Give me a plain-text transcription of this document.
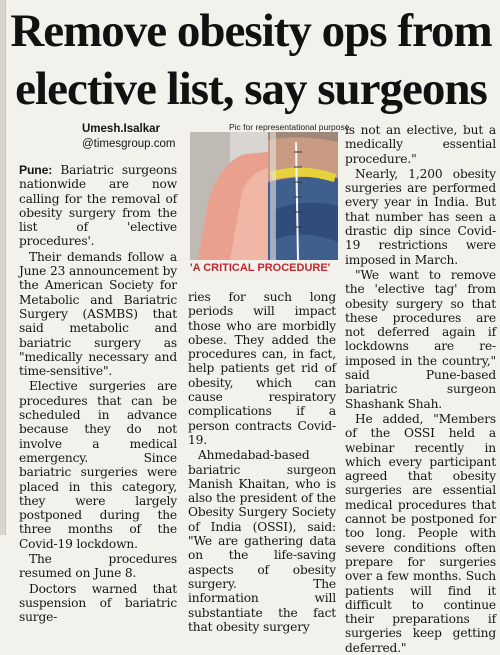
Remove obesity ops from
elective list, say surgeons
Umesh.Isalkar
@timesgroup.com

Pune: Bariatric surgeons nationwide are now calling for the removal of obesity surgery from the list of 'elective procedures'.

Their demands follow a June 23 announcement by the American Society for Metabolic and Bariatric Surgery (ASMBS) that said metabolic and bariatric surgery as "medically necessary and time-sensitive".

Elective surgeries are procedures that can be scheduled in advance because they do not involve a medical emergency. Since bariatric surgeries were placed in this category, they were largely postponed during the three months of the Covid-19 lockdown.

The procedures resumed on June 8.

Doctors warned that suspension of bariatric surge-

Pic for representational purpose
'A CRITICAL PROCEDURE'

ries for such long periods will impact those who are morbidly obese. They added the procedures can, in fact, help patients get rid of obesity, which can cause respiratory complications if a person contracts Covid-19.

Ahmedabad-based bariatric surgeon Manish Khaitan, who is also the president of the Obesity Surgery Society of India (OSSI), said: "We are gathering data on the life-saving aspects of obesity surgery. The information will substantiate the fact that obesity surgery

is not an elective, but a medically essential procedure."

Nearly, 1,200 obesity surgeries are performed every year in India. But that number has seen a drastic dip since Covid-19 restrictions were imposed in March.

"We want to remove the 'elective tag' from obesity surgery so that these procedures are not deferred again if lockdowns are re-imposed in the country," said Pune-based bariatric surgeon Shashank Shah.

He added, "Members of the OSSI held a webinar recently in which every participant agreed that obesity surgeries are essential medical procedures that cannot be postponed for too long. People with severe conditions often prepare for surgeries over a few months. Such patients will find it difficult to continue their preparations if surgeries keep getting deferred."
